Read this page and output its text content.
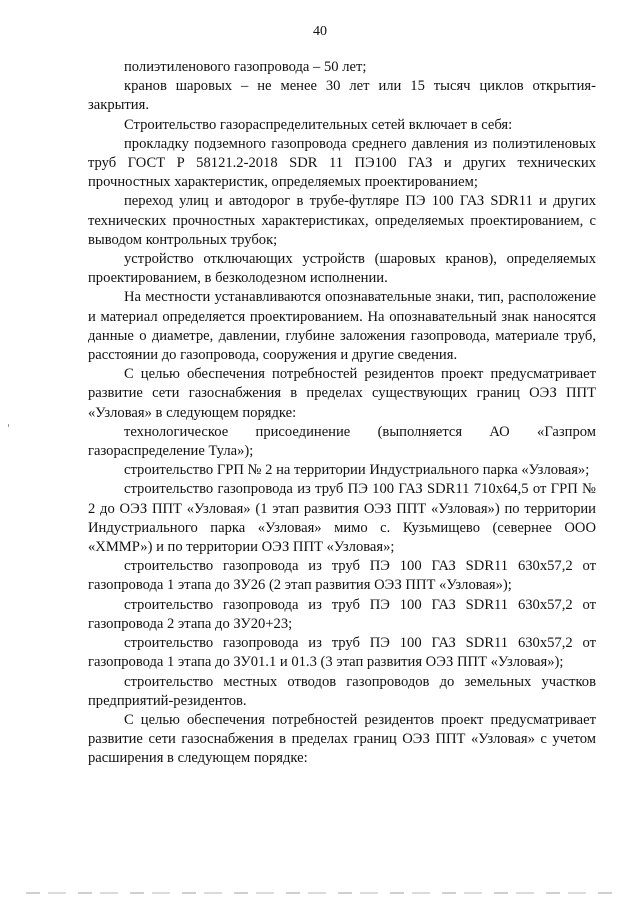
40

полиэтиленового газопровода – 50 лет;

кранов шаровых – не менее 30 лет или 15 тысяч циклов открытия-закрытия.

Строительство газораспределительных сетей включает в себя:

прокладку подземного газопровода среднего давления из полиэтиленовых труб ГОСТ Р 58121.2-2018 SDR 11 ПЭ100 ГАЗ и других технических прочностных характеристик, определяемых проектированием;

переход улиц и автодорог в трубе-футляре ПЭ 100 ГАЗ SDR11 и других технических прочностных характеристиках, определяемых проектированием, с выводом контрольных трубок;

устройство отключающих устройств (шаровых кранов), определяемых проектированием, в безколодезном исполнении.

На местности устанавливаются опознавательные знаки, тип, расположение и материал определяется проектированием. На опознавательный знак наносятся данные о диаметре, давлении, глубине заложения газопровода, материале труб, расстоянии до газопровода, сооружения и другие сведения.

С целью обеспечения потребностей резидентов проект предусматривает развитие сети газоснабжения в пределах существующих границ ОЭЗ ППТ «Узловая» в следующем порядке:

технологическое присоединение (выполняется АО «Газпром газораспределение Тула»);

строительство ГРП № 2 на территории Индустриального парка «Узловая»;

строительство газопровода из труб ПЭ 100 ГАЗ SDR11 710х64,5 от ГРП № 2 до ОЭЗ ППТ «Узловая» (1 этап развития ОЭЗ ППТ «Узловая») по территории Индустриального парка «Узловая» мимо с. Кузьмищево (севернее ООО «ХММР») и по территории ОЭЗ ППТ «Узловая»;

строительство газопровода из труб ПЭ 100 ГАЗ SDR11 630х57,2 от газопровода 1 этапа до ЗУ26 (2 этап развития ОЭЗ ППТ «Узловая»);

строительство газопровода из труб ПЭ 100 ГАЗ SDR11 630х57,2 от газопровода 2 этапа до ЗУ20+23;

строительство газопровода из труб ПЭ 100 ГАЗ SDR11 630х57,2 от газопровода 1 этапа до ЗУ01.1 и 01.3 (3 этап развития ОЭЗ ППТ «Узловая»);

строительство местных отводов газопроводов до земельных участков предприятий-резидентов.

С целью обеспечения потребностей резидентов проект предусматривает развитие сети газоснабжения в пределах границ ОЭЗ ППТ «Узловая» с учетом расширения в следующем порядке:
